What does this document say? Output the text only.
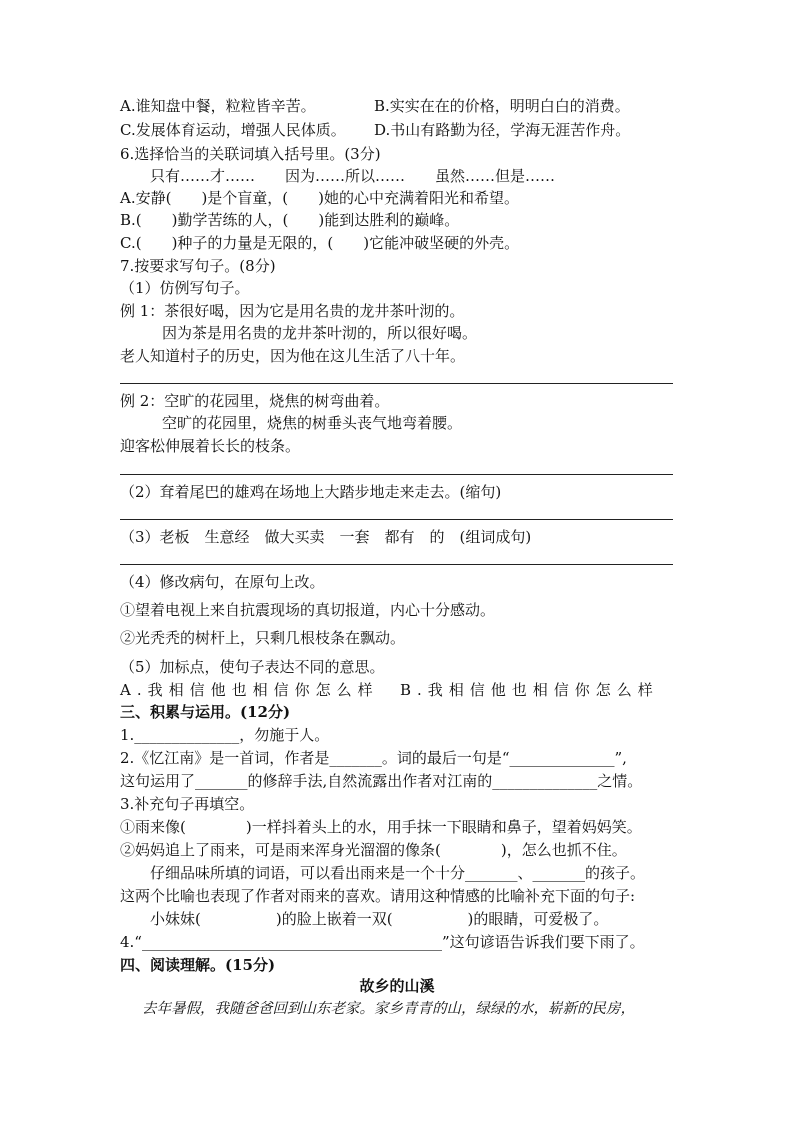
A.谁知盘中餐，粒粒皆辛苦。	B.实实在在的价格，明明白白的消费。
C.发展体育运动，增强人民体质。 D.书山有路勤为径，学海无涯苦作舟。
6.选择恰当的关联词填入括号里。(3分)
只有……才……　　因为……所以……　　虽然……但是……
A.安静(　　)是个盲童，(　　)她的心中充满着阳光和希望。
B.(　　)勤学苦练的人，(　　)能到达胜利的巅峰。
C.(　　)种子的力量是无限的，(　　)它能冲破坚硬的外壳。
7.按要求写句子。(8分)
（1）仿例写句子。
例 1：茶很好喝，因为它是用名贵的龙井茶叶沏的。
因为茶是用名贵的龙井茶叶沏的，所以很好喝。
老人知道村子的历史，因为他在这儿生活了八十年。
例 2：空旷的花园里，烧焦的树弯曲着。
空旷的花园里，烧焦的树垂头丧气地弯着腰。
迎客松伸展着长长的枝条。
（2）耷着尾巴的雄鸡在场地上大踏步地走来走去。(缩句)
（3）老板　生意经　做大买卖　一套　都有　的　(组词成句)
（4）修改病句，在原句上改。
①望着电视上来自抗震现场的真切报道，内心十分感动。
②光秃秃的树杆上，只剩几根枝条在飘动。
（5）加标点，使句子表达不同的意思。
A.我相信他也相信你怎么样 B.我相信他也相信你怎么样
三、积累与运用。(12分)
1.______________，勿施于人。
2.《忆江南》是一首词，作者是_______。词的最后一句是“______________”,
这句运用了_______的修辞手法,自然流露出作者对江南的______________之情。
3.补充句子再填空。
①雨来像(　　　　)一样抖着头上的水，用手抹一下眼睛和鼻子，望着妈妈笑。
②妈妈追上了雨来，可是雨来浑身光溜溜的像条(　　　　)，怎么也抓不住。
仔细品味所填的词语，可以看出雨来是一个十分_______、_______的孩子。
这两个比喻也表现了作者对雨来的喜欢。请用这种情感的比喻补充下面的句子:
小妹妹(　　　　　)的脸上嵌着一双(　　　　　)的眼睛，可爱极了。
4.“________________________________________”这句谚语告诉我们要下雨了。
四、阅读理解。(15分)
故乡的山溪
去年暑假，我随爸爸回到山东老家。家乡青青的山，绿绿的水，崭新的民房，
